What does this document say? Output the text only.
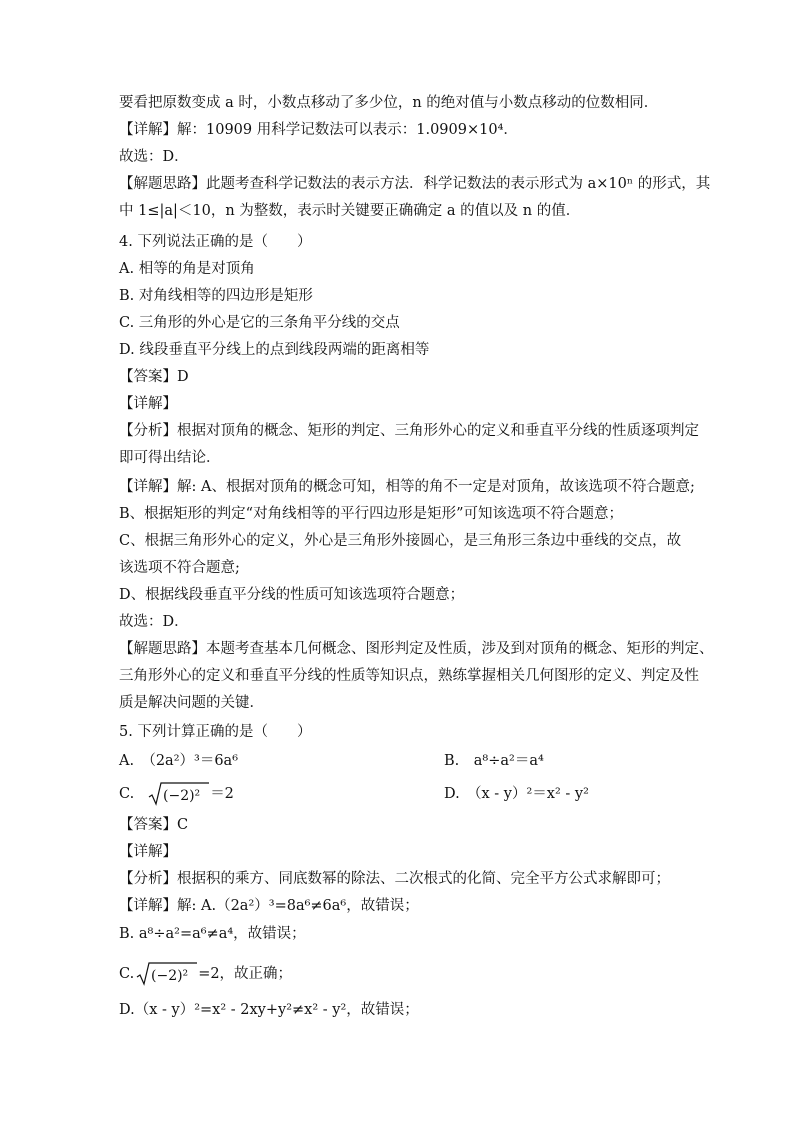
要看把原数变成 a 时，小数点移动了多少位，n 的绝对值与小数点移动的位数相同．
【详解】解：10909 用科学记数法可以表示：1.0909×10⁴．
故选：D．
【解题思路】此题考查科学记数法的表示方法．科学记数法的表示形式为 a×10ⁿ 的形式，其
中 1≤|a|＜10，n 为整数，表示时关键要正确确定 a 的值以及 n 的值．
4. 下列说法正确的是（　　）
A. 相等的角是对顶角
B. 对角线相等的四边形是矩形
C. 三角形的外心是它的三条角平分线的交点
D. 线段垂直平分线上的点到线段两端的距离相等
【答案】D
【详解】
【分析】根据对顶角的概念、矩形的判定、三角形外心的定义和垂直平分线的性质逐项判定
即可得出结论．
【详解】解: A、根据对顶角的概念可知，相等的角不一定是对顶角，故该选项不符合题意;
B、根据矩形的判定“对角线相等的平行四边形是矩形”可知该选项不符合题意；
C、根据三角形外心的定义，外心是三角形外接圆心，是三角形三条边中垂线的交点，故
该选项不符合题意;
D、根据线段垂直平分线的性质可知该选项符合题意；
故选：D．
【解题思路】本题考查基本几何概念、图形判定及性质，涉及到对顶角的概念、矩形的判定、
三角形外心的定义和垂直平分线的性质等知识点，熟练掌握相关几何图形的定义、判定及性
质是解决问题的关键．
5. 下列计算正确的是（　　）
A.　（2a²）³＝6a⁶	B.　a⁸÷a²＝a⁴
C. (−2)² ＝2	D.　（x - y）²＝x² - y²
【答案】C
【详解】
【分析】根据积的乘方、同底数幂的除法、二次根式的化简、完全平方公式求解即可；
【详解】解: A.（2a²）³=8a⁶≠6a⁶，故错误；
B. a⁸÷a²=a⁶≠a⁴，故错误；
C. (−2)² =2，故正确；
D.（x - y）²=x² - 2xy+y²≠x² - y²，故错误；
